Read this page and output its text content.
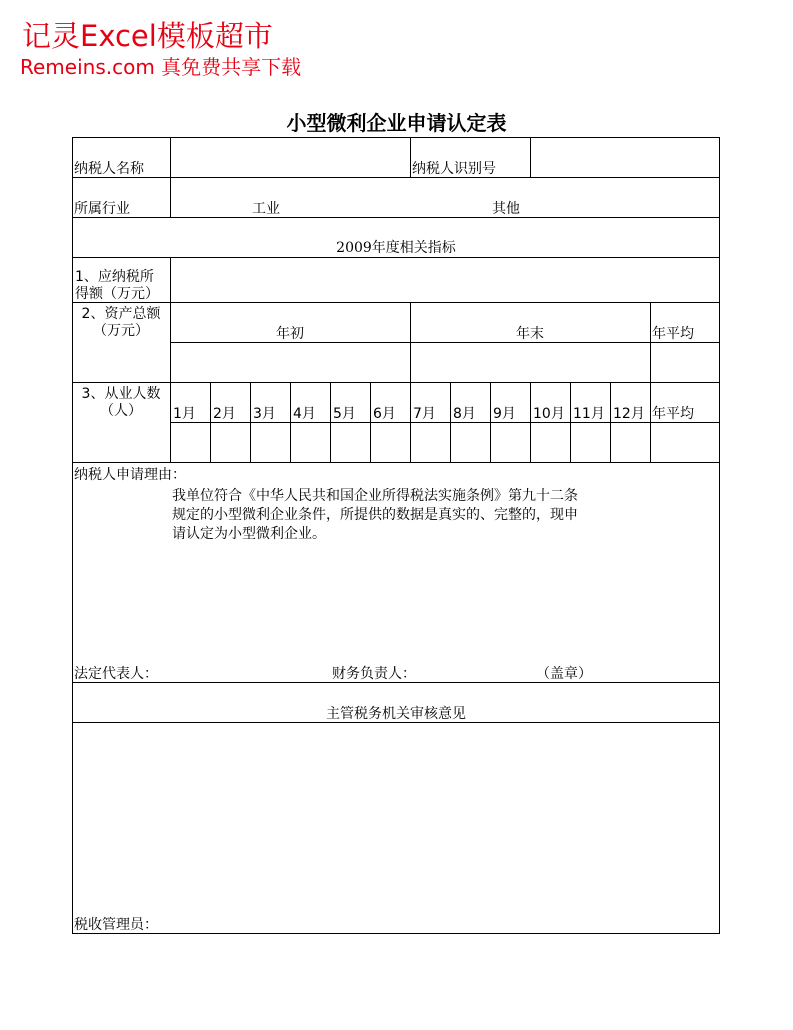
记灵Excel模板超市
Remeins.com 真免费共享下载
小型微利企业申请认定表
纳税人名称	纳税人识别号
所属行业	工业	其他
2009年度相关指标
1、应纳税所
得额（万元）
2、资产总额
（万元）	年初	年末	年平均
3、从业人数
（人）	1月 2月 3月 4月 5月 6月 7月 8月 9月 10月 11月 12月 年平均
纳税人申请理由：
我单位符合《中华人民共和国企业所得税法实施条例》第九十二条
规定的小型微利企业条件，所提供的数据是真实的、完整的，现申
请认定为小型微利企业。
法定代表人：	财务负责人：	（盖章）
主管税务机关审核意见
税收管理员：
